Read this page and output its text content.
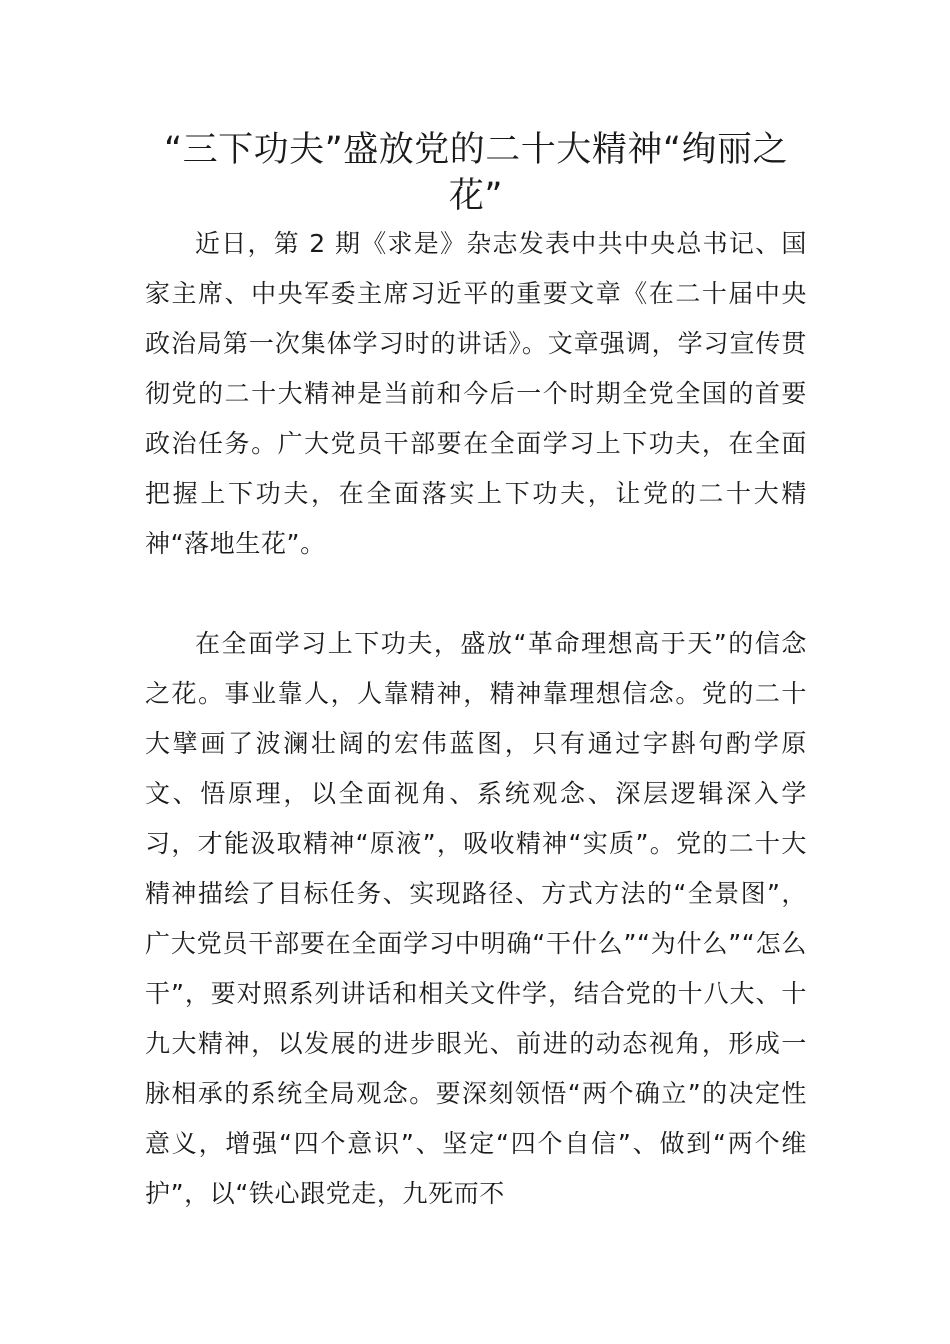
“三下功夫”盛放党的二十大精神“绚丽之花”

近日，第 2 期《求是》杂志发表中共中央总书记、国家主席、中央军委主席习近平的重要文章《在二十届中央政治局第一次集体学习时的讲话》。文章强调，学习宣传贯彻党的二十大精神是当前和今后一个时期全党全国的首要政治任务。广大党员干部要在全面学习上下功夫，在全面把握上下功夫，在全面落实上下功夫，让党的二十大精神“落地生花”。

在全面学习上下功夫，盛放“革命理想高于天”的信念之花。事业靠人，人靠精神，精神靠理想信念。党的二十大擘画了波澜壮阔的宏伟蓝图，只有通过字斟句酌学原文、悟原理，以全面视角、系统观念、深层逻辑深入学习，才能汲取精神“原液”，吸收精神“实质”。党的二十大精神描绘了目标任务、实现路径、方式方法的“全景图”，广大党员干部要在全面学习中明确“干什么”“为什么”“怎么干”，要对照系列讲话和相关文件学，结合党的十八大、十九大精神，以发展的进步眼光、前进的动态视角，形成一脉相承的系统全局观念。要深刻领悟“两个确立”的决定性意义，增强“四个意识”、坚定“四个自信”、做到“两个维护”，以“铁心跟党走，九死而不
